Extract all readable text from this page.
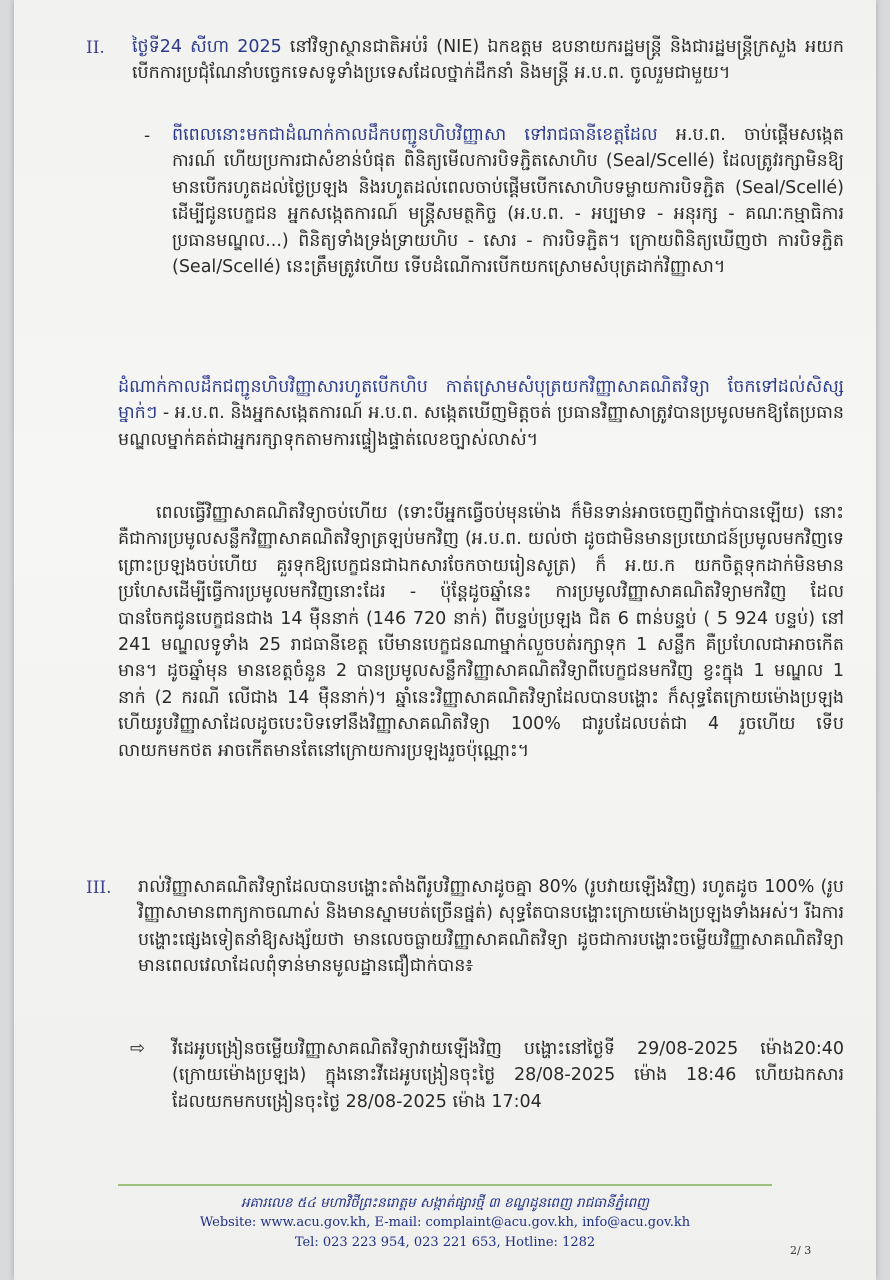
II. ថ្ងៃទី24 សីហា 2025 នៅវិទ្យាស្ថានជាតិអប់រំ (NIE) ឯកឧត្តម ឧបនាយករដ្ឋមន្ត្រី និងជារដ្ឋមន្ត្រីក្រសួង អយក បើកការប្រជុំណែនាំបច្ចេកទេសទូទាំងប្រទេសដែលថ្នាក់ដឹកនាំ និងមន្ត្រី អ.ប.ព. ចូលរួមជាមួយ។
- ពីពេលនោះមកជាដំណាក់កាលដឹកបញ្ជូនហិបវិញ្ញាសា ទៅរាជធានីខេត្តដែល អ.ប.ព. ចាប់ផ្តើមសង្កេតការណ៍ ហើយប្រការជាសំខាន់បំផុត ពិនិត្យមើលការបិទភ្ជិតសោហិប (Seal/Scellé) ដែលត្រូវរក្សាមិនឱ្យមានបើករហូតដល់ថ្ងៃប្រឡង និងរហូតដល់ពេលចាប់ផ្តើមបើកសោហិបទម្លាយការបិទភ្ជិត (Seal/Scellé) ដើម្បីជូនបេក្ខជន អ្នកសង្កេតការណ៍ មន្ត្រីសមត្ថកិច្ច (អ.ប.ព. - អប្បមាទ - អនុរក្ស - គណៈកម្មាធិការ ប្រធានមណ្ឌល...) ពិនិត្យទាំងទ្រង់ទ្រាយហិប - សោរ - ការបិទភ្ជិត។ ក្រោយពិនិត្យឃើញថា ការបិទភ្ជិត (Seal/Scellé) នេះត្រឹមត្រូវហើយ ទើបដំណើការបើកយកស្រោមសំបុត្រដាក់វិញ្ញាសា។
ដំណាក់កាលដឹកជញ្ជូនហិបវិញ្ញាសារហូតបើកហិប កាត់ស្រោមសំបុត្រយកវិញ្ញាសាគណិតវិទ្យា ចែកទៅដល់សិស្សម្នាក់ៗ - អ.ប.ព. និងអ្នកសង្កេតការណ៍ អ.ប.ព. សង្កេតឃើញមិត្តចត់ ប្រធានវិញ្ញាសាត្រូវបានប្រមូលមកឱ្យតែប្រធានមណ្ឌលម្នាក់គត់ជាអ្នករក្សាទុកតាមការផ្ទៀងផ្ទាត់លេខច្បាស់លាស់។
ពេលធ្វើវិញ្ញាសាគណិតវិទ្យាចប់ហើយ (ទោះបីអ្នកធ្វើចប់មុនម៉ោង ក៏មិនទាន់អាចចេញពីថ្នាក់បានឡើយ) នោះ គឺជាការប្រមូលសន្លឹកវិញ្ញាសាគណិតវិទ្យាត្រឡប់មកវិញ (អ.ប.ព. យល់ថា ដូចជាមិនមានប្រយោជន៍ប្រមូលមកវិញទេ ព្រោះប្រឡងចប់ហើយ គួរទុកឱ្យបេក្ខជនជាឯកសារចែកចាយរៀនសូត្រ) ក៏ អ.យ.ក យកចិត្តទុកដាក់មិនមានប្រហែសដើម្បីធ្វើការប្រមូលមកវិញនោះដែរ - ប៉ុន្តែដូចឆ្នាំនេះ ការប្រមូលវិញ្ញាសាគណិតវិទ្យាមកវិញ ដែលបានចែកជូនបេក្ខជនជាង 14 ម៉ឺននាក់ (146 720 នាក់) ពីបន្ទប់ប្រឡង ជិត 6 ពាន់បន្ទប់ ( 5 924 បន្ទប់) នៅ 241 មណ្ឌលទូទាំង 25 រាជធានីខេត្ត បើមានបេក្ខជនណាម្នាក់លួចបត់រក្សាទុក 1 សន្លឹក គឺប្រហែលជាអាចកើតមាន។ ដូចឆ្នាំមុន មានខេត្តចំនួន 2 បានប្រមូលសន្លឹកវិញ្ញាសាគណិតវិទ្យាពីបេក្ខជនមកវិញ ខ្វះក្នុង 1 មណ្ឌល 1 នាក់ (2 ករណី លើជាង 14 ម៉ឺននាក់)។ ឆ្នាំនេះវិញ្ញាសាគណិតវិទ្យាដែលបានបង្ហោះ ក៏សុទ្ធតែក្រោយម៉ោងប្រឡង ហើយរូបវិញ្ញាសាដែលដូចបេះបិទទៅនឹងវិញ្ញាសាគណិតវិទ្យា 100% ជារូបដែលបត់ជា 4 រួចហើយ ទើបលាយកមកថត អាចកើតមានតែនៅក្រោយការប្រឡងរួចប៉ុណ្ណោះ។
III. រាល់វិញ្ញាសាគណិតវិទ្យាដែលបានបង្ហោះតាំងពីរូបវិញ្ញាសាដូចគ្នា 80% (រូបវាយឡើងវិញ) រហូតដូច 100% (រូបវិញ្ញាសាមានពាក្យកាចណាស់ និងមានស្នាមបត់ច្រើនផ្នត់) សុទ្ធតែបានបង្ហោះក្រោយម៉ោងប្រឡងទាំងអស់។ រីឯការបង្ហោះផ្សេងទៀតនាំឱ្យសង្ស័យថា មានលេចធ្លាយវិញ្ញាសាគណិតវិទ្យា ដូចជាការបង្ហោះចម្លើយវិញ្ញាសាគណិតវិទ្យា មានពេលវេលាដែលពុំទាន់មានមូលដ្ឋានជឿជាក់បាន៖
⇨ វីដេអូបង្រៀនចម្លើយវិញ្ញាសាគណិតវិទ្យាវាយឡើងវិញ បង្ហោះនៅថ្ងៃទី 29/08-2025 ម៉ោង20:40 (ក្រោយម៉ោងប្រឡង) ក្នុងនោះវីដេអូបង្រៀនចុះថ្ងៃ 28/08-2025 ម៉ោង 18:46 ហើយឯកសារដែលយកមកបង្រៀនចុះថ្ងៃ 28/08-2025 ម៉ោង 17:04
អគារលេខ ៥៤ មហាវិថីព្រះនរោត្តម សង្កាត់ផ្សារថ្មី ៣ ខណ្ឌដូនពេញ រាជធានីភ្នំពេញ
Website: www.acu.gov.kh, E-mail: complaint@acu.gov.kh, info@acu.gov.kh
Tel: 023 223 954, 023 221 653, Hotline: 1282
2/ 3
